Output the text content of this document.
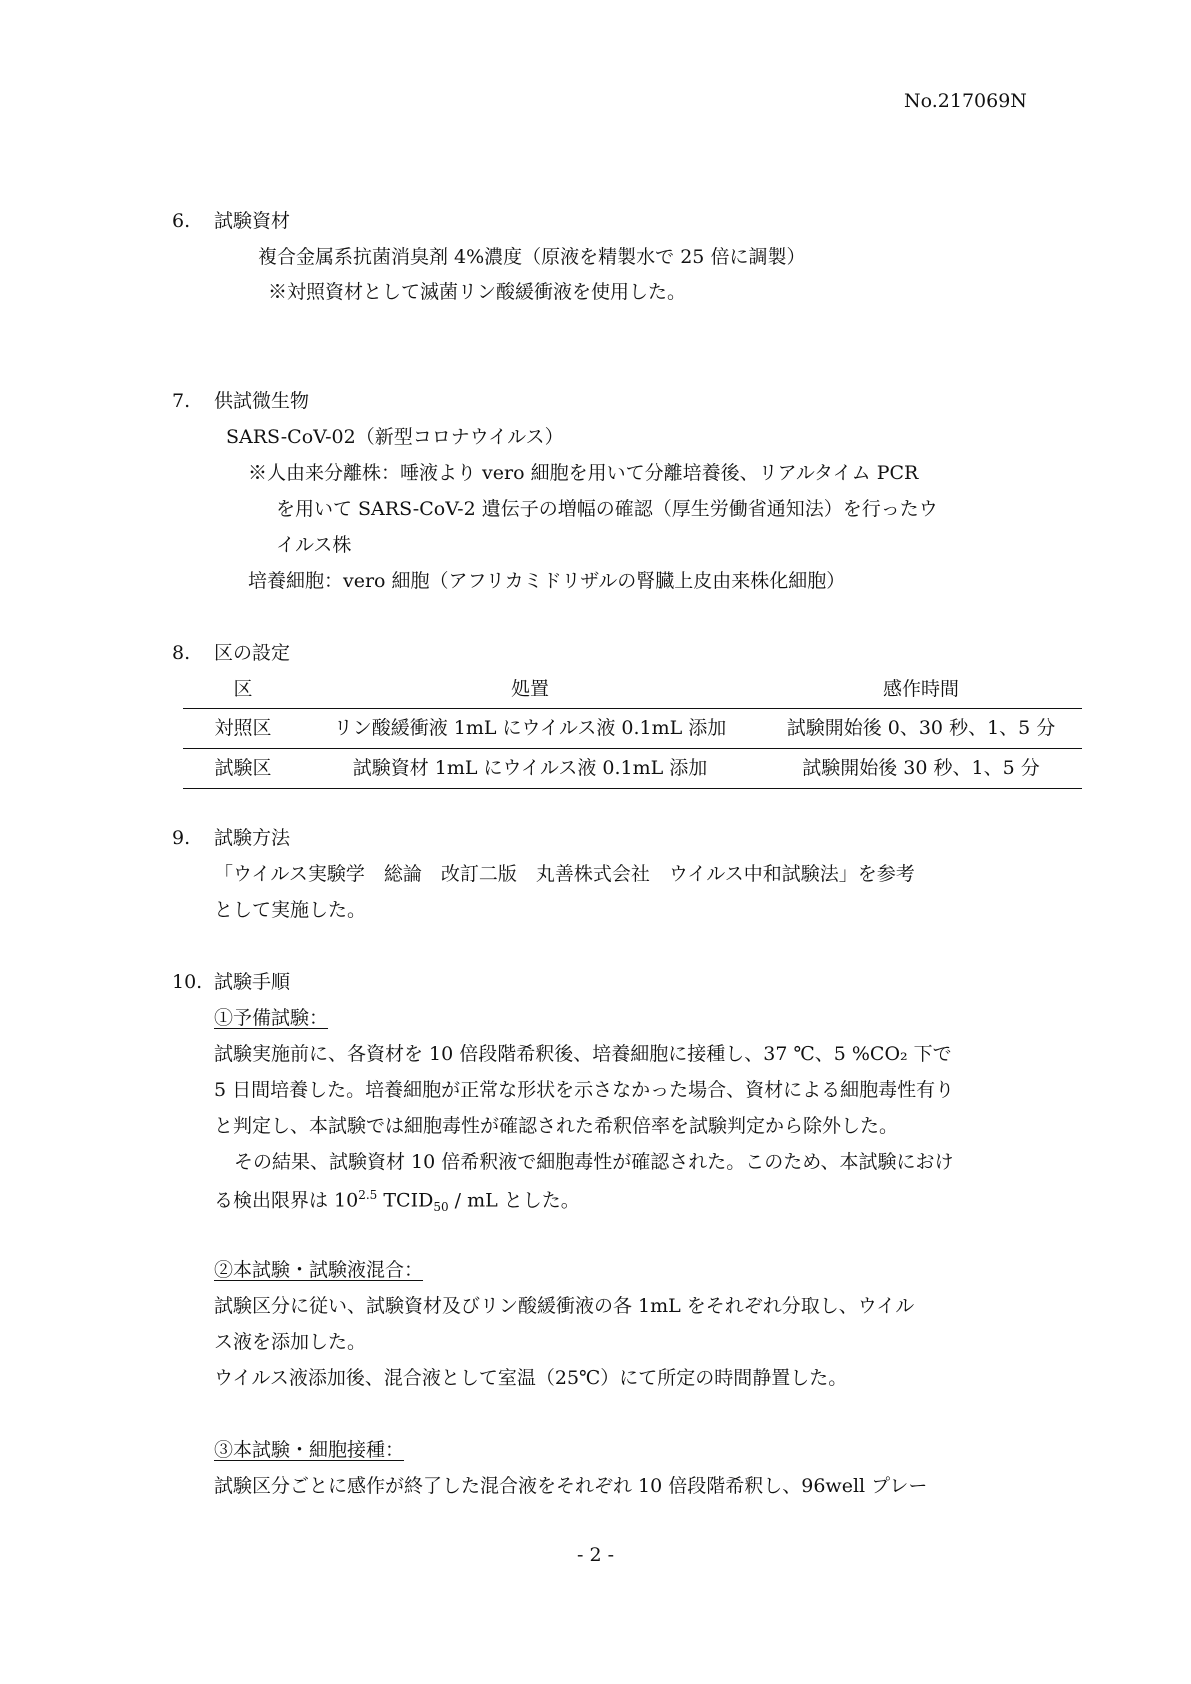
No.217069N
6. 試験資材
複合金属系抗菌消臭剤 4%濃度（原液を精製水で 25 倍に調製）
※対照資材として滅菌リン酸緩衝液を使用した。
7. 供試微生物
SARS-CoV-02（新型コロナウイルス）
※人由来分離株：唾液より vero 細胞を用いて分離培養後、リアルタイム PCR
を用いて SARS-CoV-2 遺伝子の増幅の確認（厚生労働省通知法）を行ったウ
イルス株
培養細胞：vero 細胞（アフリカミドリザルの腎臓上皮由来株化細胞）
8. 区の設定
区	処置	感作時間
対照区	リン酸緩衝液 1mL にウイルス液 0.1mL 添加	試験開始後 0、30 秒、1、5 分
試験区	試験資材 1mL にウイルス液 0.1mL 添加	試験開始後 30 秒、1、5 分
9. 試験方法
「ウイルス実験学　総論　改訂二版　丸善株式会社　ウイルス中和試験法」を参考
として実施した。
10. 試験手順
①予備試験：
試験実施前に、各資材を 10 倍段階希釈後、培養細胞に接種し、37 ℃、5 %CO₂ 下で
5 日間培養した。培養細胞が正常な形状を示さなかった場合、資材による細胞毒性有り
と判定し、本試験では細胞毒性が確認された希釈倍率を試験判定から除外した。
その結果、試験資材 10 倍希釈液で細胞毒性が確認された。このため、本試験におけ
る検出限界は $10^{2.5}$ $TCID_{50}$ / mL とした。
②本試験・試験液混合：
試験区分に従い、試験資材及びリン酸緩衝液の各 1mL をそれぞれ分取し、ウイル
ス液を添加した。
ウイルス液添加後、混合液として室温（25℃）にて所定の時間静置した。
③本試験・細胞接種：
試験区分ごとに感作が終了した混合液をそれぞれ 10 倍段階希釈し、96well プレー
- 2 -
